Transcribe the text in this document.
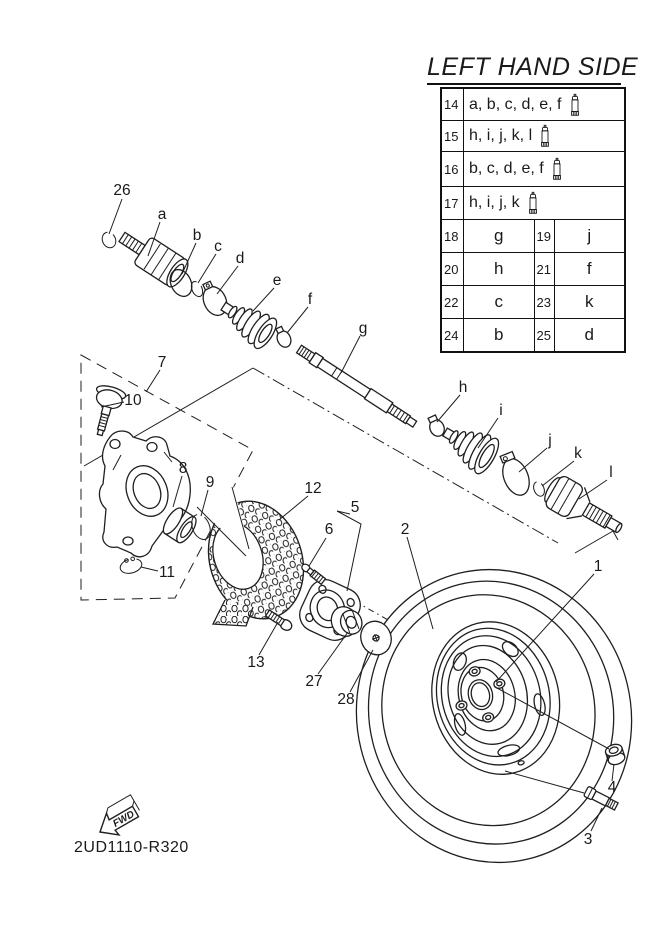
LEFT HAND SIDE
14 a, b, c, d, e, f
15 h, i, j, k, l
16 b, c, d, e, f
17 h, i, j, k
18	g	19	j
20	h	21	f
22	c	23	k
24	b	25	d
26
a
b
c
d
e
f
g
h
i
j
k
l
7
10
8
9
11
12
13
5
6	2
27
28
1
4
3
FWD
2UD1110-R320
